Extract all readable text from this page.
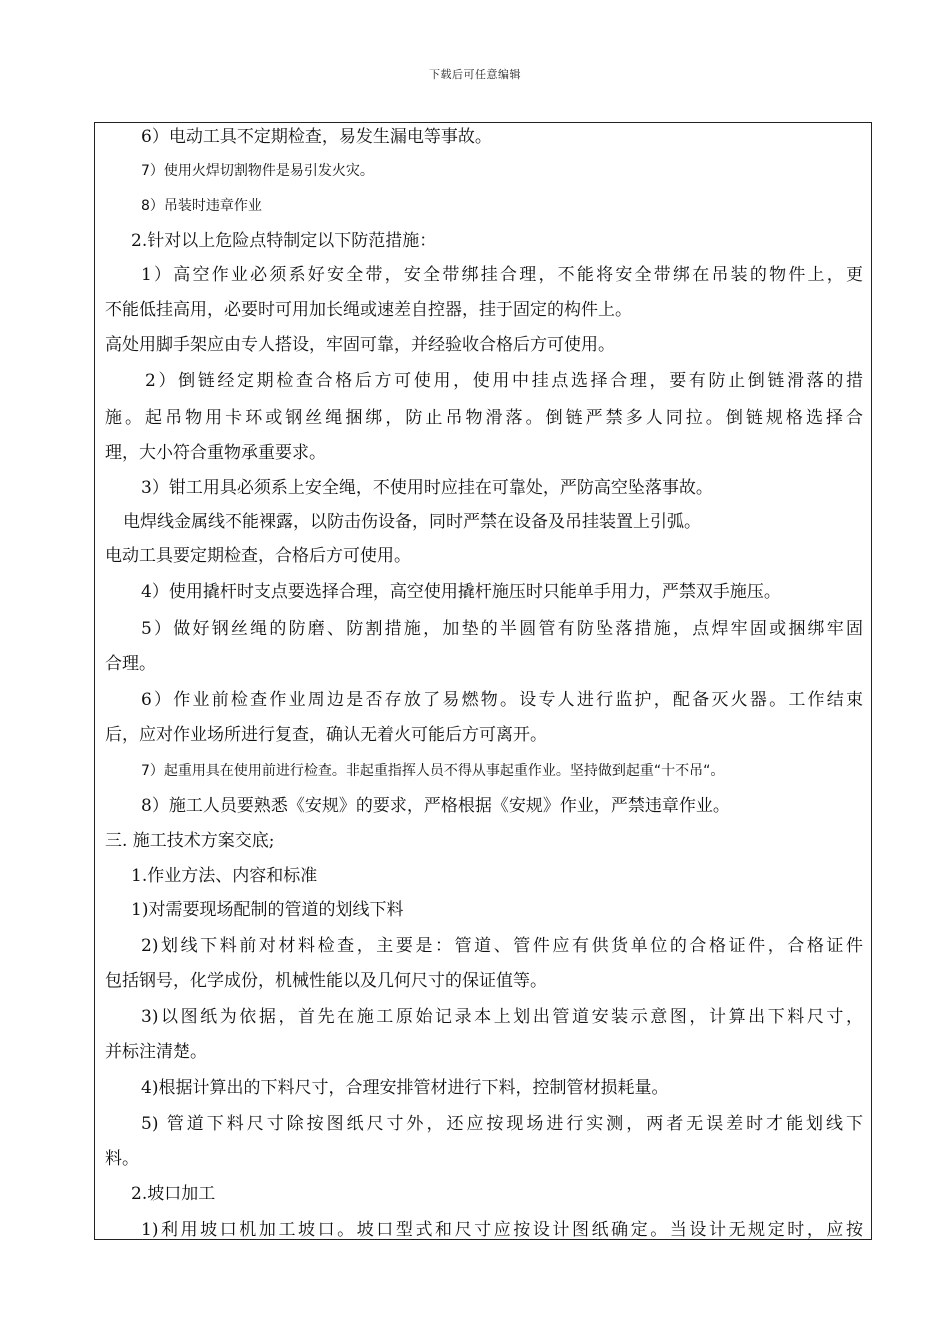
下载后可任意编辑
6）电动工具不定期检查，易发生漏电等事故。
7）使用火焊切割物件是易引发火灾。
8）吊装时违章作业
2.针对以上危险点特制定以下防范措施：
1）高空作业必须系好安全带，安全带绑挂合理，不能将安全带绑在吊装的物件上，更
不能低挂高用，必要时可用加长绳或速差自控器，挂于固定的构件上。
高处用脚手架应由专人搭设，牢固可靠，并经验收合格后方可使用。
2）倒链经定期检查合格后方可使用，使用中挂点选择合理，要有防止倒链滑落的措
施。起吊物用卡环或钢丝绳捆绑，防止吊物滑落。倒链严禁多人同拉。倒链规格选择合
理，大小符合重物承重要求。
3）钳工用具必须系上安全绳，不使用时应挂在可靠处，严防高空坠落事故。
电焊线金属线不能裸露，以防击伤设备，同时严禁在设备及吊挂装置上引弧。
电动工具要定期检查，合格后方可使用。
4）使用撬杆时支点要选择合理，高空使用撬杆施压时只能单手用力，严禁双手施压。
5）做好钢丝绳的防磨、防割措施，加垫的半圆管有防坠落措施，点焊牢固或捆绑牢固
合理。
6）作业前检查作业周边是否存放了易燃物。设专人进行监护，配备灭火器。工作结束
后，应对作业场所进行复查，确认无着火可能后方可离开。
7）起重用具在使用前进行检查。非起重指挥人员不得从事起重作业。坚持做到起重“十不吊“。
8）施工人员要熟悉《安规》的要求，严格根据《安规》作业，严禁违章作业。
三. 施工技术方案交底;
1.作业方法、内容和标准
1)对需要现场配制的管道的划线下料
2)划线下料前对材料检查，主要是：管道、管件应有供货单位的合格证件，合格证件
包括钢号，化学成份，机械性能以及几何尺寸的保证值等。
3)以图纸为依据，首先在施工原始记录本上划出管道安装示意图，计算出下料尺寸，
并标注清楚。
4)根据计算出的下料尺寸，合理安排管材进行下料，控制管材损耗量。
5) 管道下料尺寸除按图纸尺寸外，还应按现场进行实测，两者无误差时才能划线下
料。
2.坡口加工
1)利用坡口机加工坡口。坡口型式和尺寸应按设计图纸确定。当设计无规定时，应按
